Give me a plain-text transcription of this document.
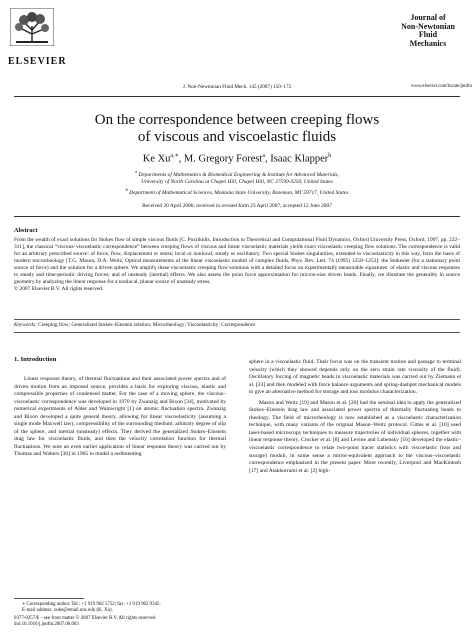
ELSEVIER
J. Non-Newtonian Fluid Mech. 145 (2007) 150–172
Journal of
Non-Newtonian
Fluid
Mechanics
www.elsevier.com/locate/jnnfm
On the correspondence between creeping flows
of viscous and viscoelastic fluids
Ke $Xu^{a,∗}$, M. Gregory Forest$^a$, Isaac Klapper$^b$
$^a$ Departments of Mathematics & Biomedical Engineering & Institute for Advanced Materials,
University of North Carolina at Chapel Hill, Chapel Hill, NC 27599-3250, United States
$^b$ Department of Mathematical Sciences, Montana State University, Bozeman, MT 59717, United States
Received 20 April 2006; received in revised form 23 April 2007; accepted 12 June 2007
Abstract
From the wealth of exact solutions for Stokes flow of simple viscous fluids [C. Pozrikidis, Introduction to Theoretical and Computational Fluid Dynamics, Oxford University Press, Oxford, 1997, pp. 222–311], the classical “viscous–viscoelastic correspondence” between creeping flows of viscous and linear viscoelastic materials yields exact viscoelastic creeping flow solutions. The correspondence is valid for an arbitrary prescribed source: of force, flow, displacement or stress; local or nonlocal; steady or oscillatory. Two special Stokes singularities, extended to viscoelasticity in this way, form the basis of modern microrheology [T.G. Mason, D.A. Weitz, Optical measurements of the linear viscoelastic moduli of complex fluids, Phys. Rev. Lett. 74 (1995) 1250–1253]: the Stokeslet (for a stationary point source of force) and the solution for a driven sphere. We amplify these viscoelastic creeping flow solutions with a detailed focus on experimentally measurable signatures: of elastic and viscous responses to steady and time-periodic driving forces; and of unsteady (inertial) effects. We also assess the point force approximation for micron-size driven beads. Finally, we illustrate the generality in source geometry by analyzing the linear response for a nonlocal, planar source of unsteady stress.
© 2007 Elsevier B.V. All rights reserved.
Keywords: Creeping flow; Generalized Stokes–Einstein relation; Microrheology; Viscoelasticity; Correspondence
1. Introduction

Linear response theory, of thermal fluctuations and their associated power spectra and of driven motion from an imposed source, provides a basis for exploring viscous, elastic and compressible properties of condensed matter. For the case of a moving sphere, the viscous–viscoelastic correspondence was developed in 1970 by Zwanzig and Bixon [34], motivated by numerical experiments of Alder and Wainwright [1] on atomic fluctuation spectra. Zwanzig and Bixon developed a quite general theory, allowing for linear viscoelasticity (assuming a single mode Maxwell law), compressibility of the surrounding medium, arbitrary degree of slip of the sphere, and inertial (unsteady) effects. They derived the generalized Stokes–Einstein drag law for viscoelastic fluids, and then the velocity correlation function for thermal fluctuations. We note an even earlier application of linear response theory was carried out by Thomas and Walters [30] in 1965 to model a sedimenting

sphere in a viscoelastic fluid. Their focus was on the transient motion and passage to terminal velocity (which they showed depends only on the zero strain rate viscosity of the fluid). Oscillatory forcing of magnetic beads in viscoelastic materials was carried out by Ziemann et al. [33] and then modeled with force balance arguments and spring-dashpot mechanical models to give an alternative method for storage and loss modulus characterization.

Mason and Weitz [19] and Mason et al. [20] had the seminal idea to apply the generalized Stokes–Einstein drag law and associated power spectra of thermally fluctuating beads to rheology. The field of microrheology is now established as a viscoelastic characterization technique, with many variants of the original Mason–Weitz protocol. Gittes et al. [10] used laser-based microscopy techniques to measure trajectories of individual spheres, together with linear response theory. Crocker et al. [8] and Levine and Lubensky [16] developed the elastic–viscoelastic correspondence to relate two-point tracer statistics with viscoelastic (loss and storage) moduli, in some sense a mirror-equivalent approach to the viscous–viscoelastic correspondence emphasized in the present paper. More recently, Liverpool and MacKintosh [17] and Atakhorrami et al. [2] high-

∗ Corresponding author. Tel.: +1 919 962 5752; fax: +1 919 962 9345.
E-mail address: xuke@email.unc.edu (K. Xu).
0377-0257/$ – see front matter © 2007 Elsevier B.V. All rights reserved.
doi:10.1016/j.jnnfm.2007.06.003
